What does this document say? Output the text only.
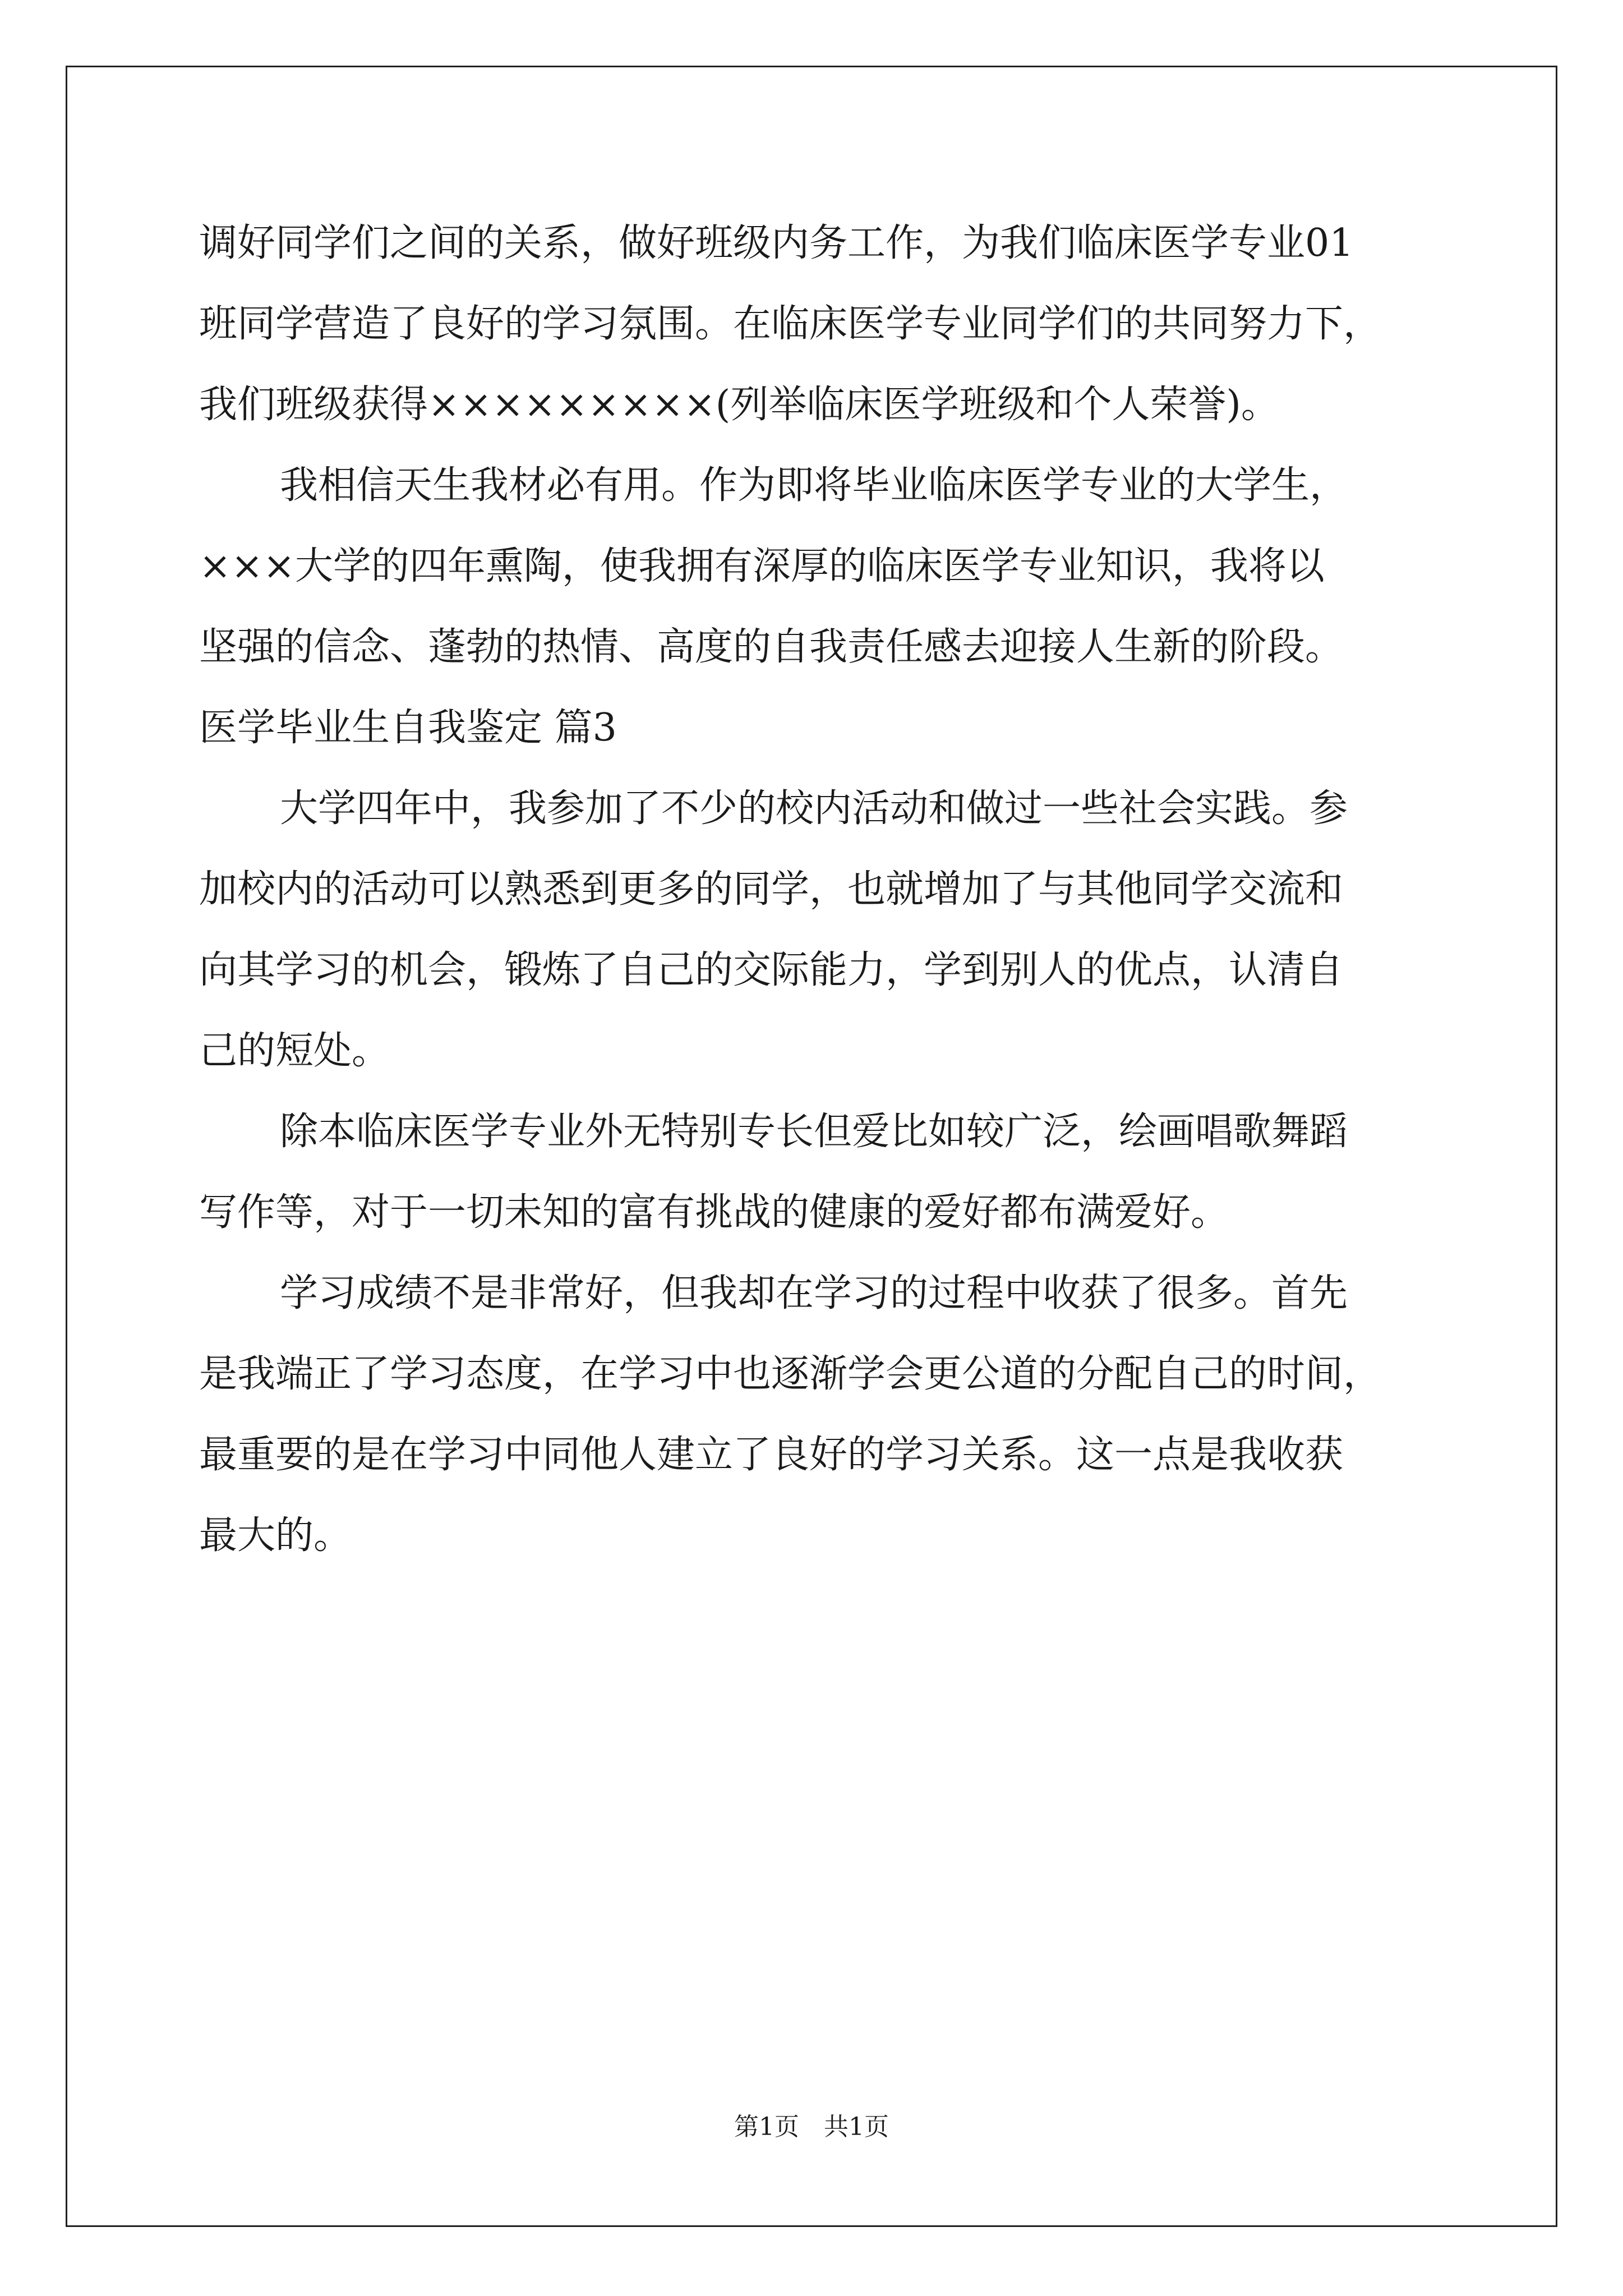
调好同学们之间的关系，做好班级内务工作，为我们临床医学专业01
班同学营造了良好的学习氛围。在临床医学专业同学们的共同努力下，
我们班级获得×××××××××(列举临床医学班级和个人荣誉)。
我相信天生我材必有用。作为即将毕业临床医学专业的大学生，
×××大学的四年熏陶，使我拥有深厚的临床医学专业知识，我将以
坚强的信念、蓬勃的热情、高度的自我责任感去迎接人生新的阶段。
医学毕业生自我鉴定 篇3
大学四年中，我参加了不少的校内活动和做过一些社会实践。参
加校内的活动可以熟悉到更多的同学，也就增加了与其他同学交流和
向其学习的机会，锻炼了自己的交际能力，学到别人的优点，认清自
己的短处。
除本临床医学专业外无特别专长但爱比如较广泛，绘画唱歌舞蹈
写作等，对于一切未知的富有挑战的健康的爱好都布满爱好。
学习成绩不是非常好，但我却在学习的过程中收获了很多。首先
是我端正了学习态度，在学习中也逐渐学会更公道的分配自己的时间，
最重要的是在学习中同他人建立了良好的学习关系。这一点是我收获
最大的。
第1页　共1页
